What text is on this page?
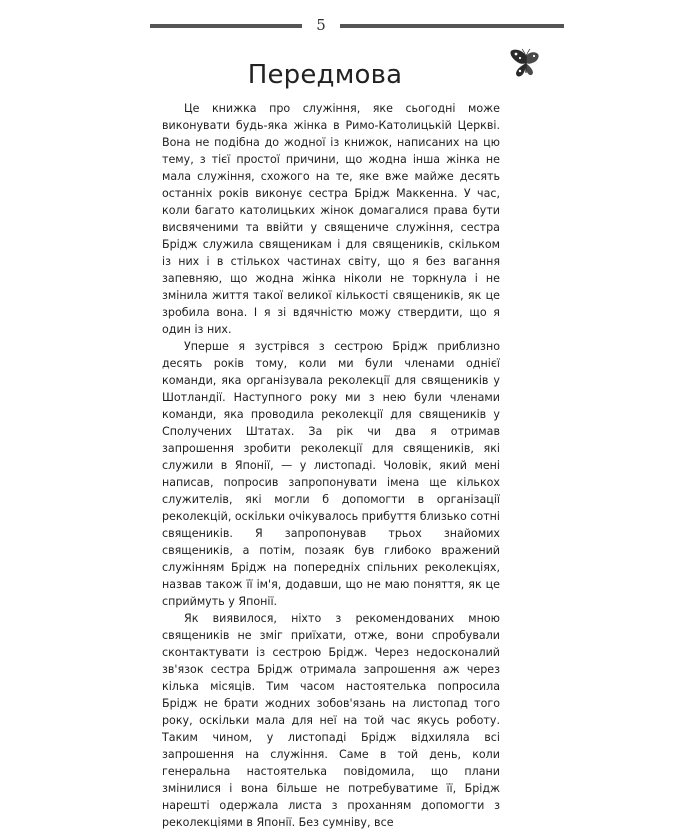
5
Передмова

Це книжка про служіння, яке сьогодні може виконувати будь-яка жінка в Римо-Католицькій Церкві. Вона не подібна до жодної із книжок, написаних на цю тему, з тієї простої причини, що жодна інша жінка не мала служіння, схожого на те, яке вже майже десять останніх років виконує сестра Брідж Маккенна. У час, коли багато католицьких жінок домагалися права бути висвяченими та ввійти у священиче служіння, сестра Брідж служила священикам і для священиків, скільком із них і в стількох частинах світу, що я без вагання запевняю, що жодна жінка ніколи не торкнула і не змінила життя такої великої кількості священиків, як це зробила вона. І я зі вдячністю можу ствердити, що я один із них.

Уперше я зустрівся з сестрою Брідж приблизно десять років тому, коли ми були членами однієї команди, яка організувала реколекції для священиків у Шотландії. Наступного року ми з нею були членами команди, яка проводила реколекції для священиків у Сполучених Штатах. За рік чи два я отримав запрошення зробити реколекції для священиків, які служили в Японії, — у листопаді. Чоловік, який мені написав, попросив запропонувати імена ще кількох служителів, які могли б допомогти в організації реколекцій, оскільки очікувалось прибуття близько сотні священиків. Я запропонував трьох знайомих священиків, а потім, позаяк був глибоко вражений служінням Брідж на попередніх спільних реколекціях, назвав також її ім'я, додавши, що не маю поняття, як це сприймуть у Японії.

Як виявилося, ніхто з рекомендованих мною священиків не зміг приїхати, отже, вони спробували сконтактувати із сестрою Брідж. Через недосконалий зв'язок сестра Брідж отримала запрошення аж через кілька місяців. Тим часом настоятелька попросила Брідж не брати жодних зобов'язань на листопад того року, оскільки мала для неї на той час якусь роботу. Таким чином, у листопаді Брідж відхиляла всі запрошення на служіння. Саме в той день, коли генеральна настоятелька повідомила, що плани змінилися і вона більше не потребуватиме її, Брідж нарешті одержала листа з проханням допомогти з реколекціями в Японії. Без сумніву, все
